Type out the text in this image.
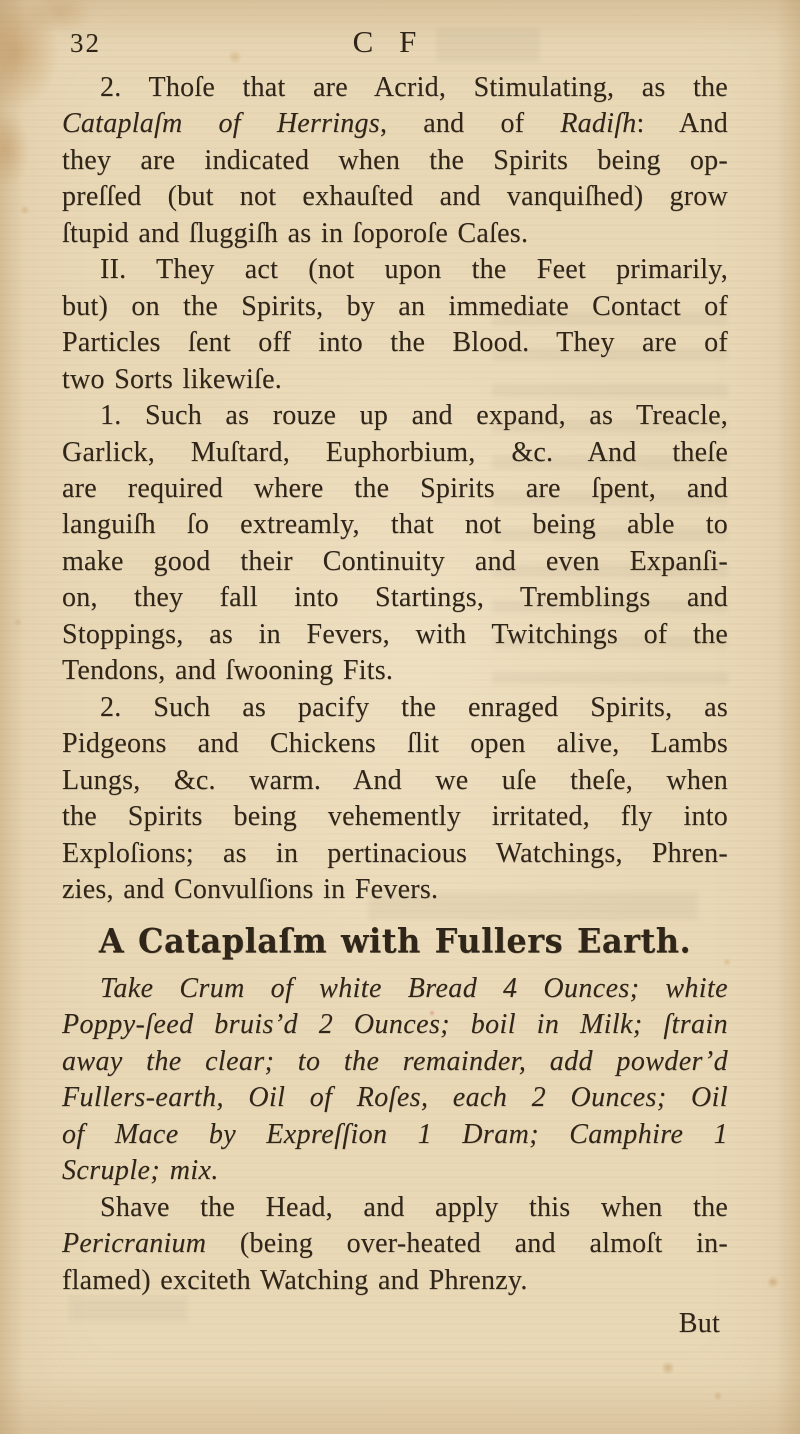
32	C F
2. Thoſe that are Acrid, Stimulating, as the
Cataplaſm of Herrings, and of Radiſh: And
they are indicated when the Spirits being op-
preſſed (but not exhauſted and vanquiſhed) grow
ſtupid and ſluggiſh as in ſoporoſe Caſes.
II. They act (not upon the Feet primarily,
but) on the Spirits, by an immediate Contact of
Particles ſent off into the Blood. They are of
two Sorts likewiſe.
1. Such as rouze up and expand, as Treacle,
Garlick, Muſtard, Euphorbium, &c. And theſe
are required where the Spirits are ſpent, and
languiſh ſo extreamly, that not being able to
make good their Continuity and even Expanſi-
on, they fall into Startings, Tremblings and
Stoppings, as in Fevers, with Twitchings of the
Tendons, and ſwooning Fits.
2. Such as pacify the enraged Spirits, as
Pidgeons and Chickens ſlit open alive, Lambs
Lungs, &c. warm. And we uſe theſe, when
the Spirits being vehemently irritated, fly into
Exploſions; as in pertinacious Watchings, Phren-
zies, and Convulſions in Fevers.
A Cataplaſm with Fullers Earth.
Take Crum of white Bread 4 Ounces; white
Poppy-ſeed bruis’d 2 Ounces; boil in Milk; ſtrain
away the clear; to the remainder, add powder’d
Fullers-earth, Oil of Roſes, each 2 Ounces; Oil
of Mace by Expreſſion 1 Dram; Camphire 1
Scruple; mix.
Shave the Head, and apply this when the
Pericranium (being over-heated and almoſt in-
flamed) exciteth Watching and Phrenzy.
But
